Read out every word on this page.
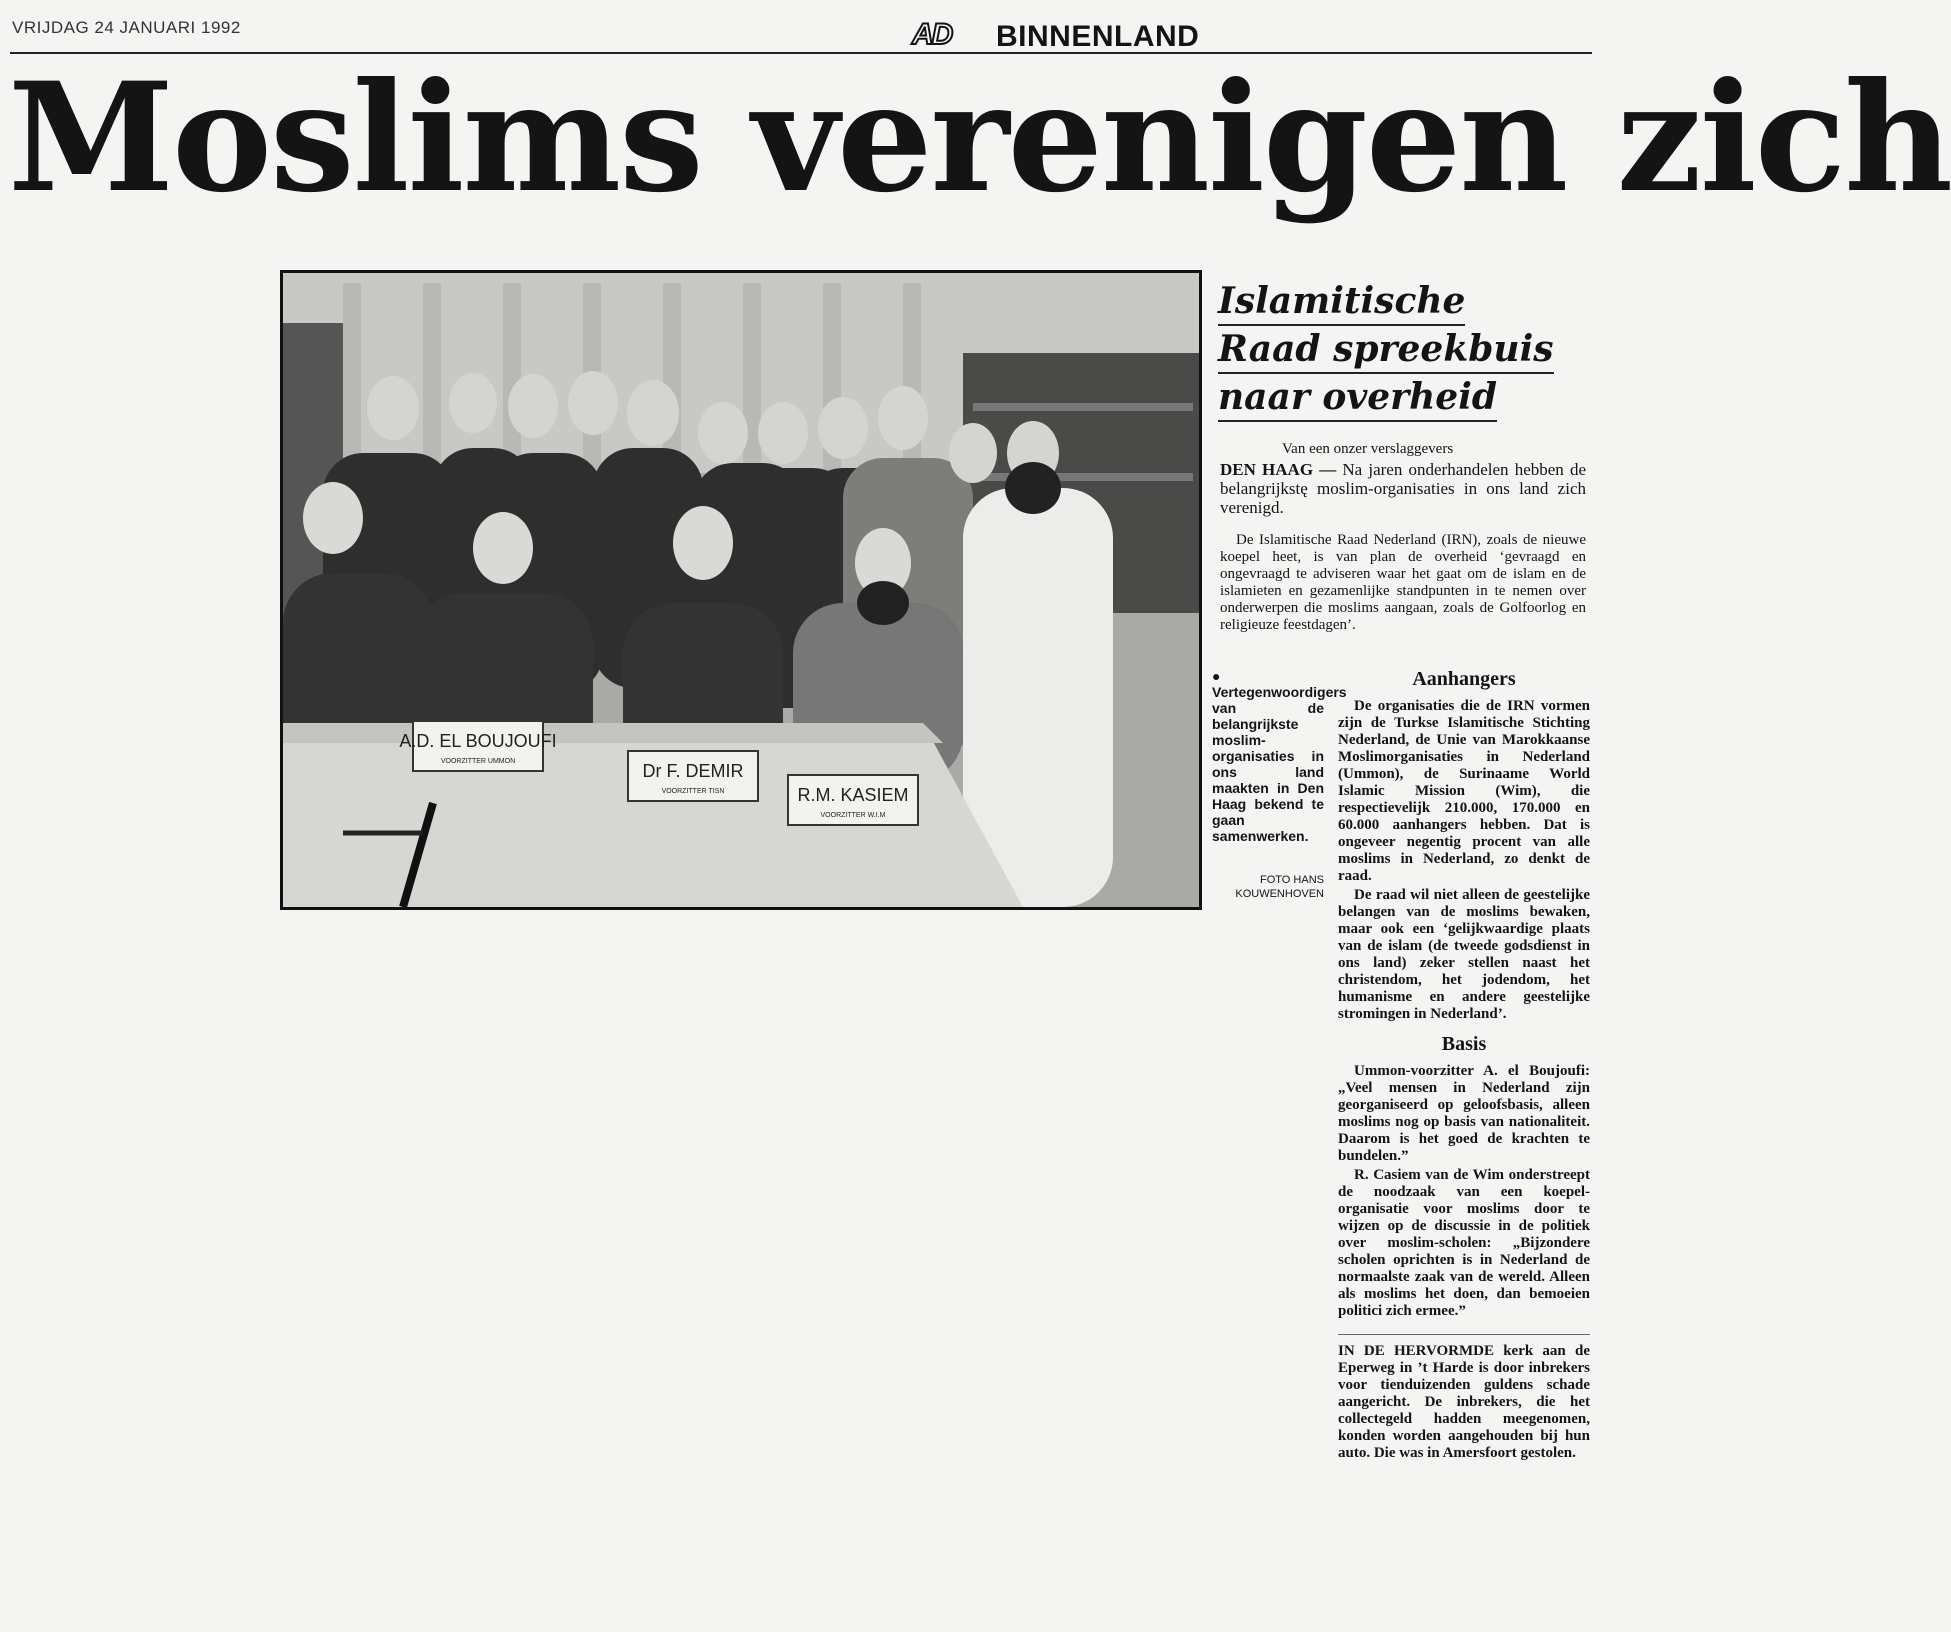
VRIJDAG 24 JANUARI 1992	AD BINNENLAND
Moslims verenigen zich
A.D. EL BOUJOUFI
VOORZITTER UMMON	Dr F. DEMIR
VOORZITTER TISN	R.M. KASIEM
VOORZITTER W.I.M
Islamitische
Raad spreekbuis
naar overheid
Van een onzer verslaggevers
DEN HAAG — Na jaren onderhandelen hebben de belangrijkstę moslim-organisaties in ons land zich verenigd.
De Islamitische Raad Nederland (IRN), zoals de nieuwe koepel heet, is van plan de overheid ‘gevraagd en ongevraagd te adviseren waar het gaat om de islam en de islamieten en gezamenlijke standpunten in te nemen over onderwerpen die moslims aangaan, zoals de Golfoorlog en religieuze feestdagen’.
● Vertegenwoordigers van de belangrijkste moslim-organisaties in ons land maakten in Den Haag bekend te gaan samenwerken.
FOTO HANS KOUWENHOVEN
Aanhangers

De organisaties die de IRN vormen zijn de Turkse Islamitische Stichting Nederland, de Unie van Marokkaanse Moslimorganisaties in Nederland (Ummon), de Surinaame World Islamic Mission (Wim), die respectievelijk 210.000, 170.000 en 60.000 aanhangers hebben. Dat is ongeveer negentig procent van alle moslims in Nederland, zo denkt de raad.

De raad wil niet alleen de geestelijke belangen van de moslims bewaken, maar ook een ‘gelijkwaardige plaats van de islam (de tweede godsdienst in ons land) zeker stellen naast het christendom, het jodendom, het humanisme en andere geestelijke stromingen in Nederland’.

Basis

Ummon-voorzitter A. el Boujoufi: „Veel mensen in Nederland zijn georganiseerd op geloofsbasis, alleen moslims nog op basis van nationaliteit. Daarom is het goed de krachten te bundelen.”

R. Casiem van de Wim onderstreept de noodzaak van een koepel-organisatie voor moslims door te wijzen op de discussie in de politiek over moslim-scholen: „Bijzondere scholen oprichten is in Nederland de normaalste zaak van de wereld. Alleen als moslims het doen, dan bemoeien politici zich ermee.”

IN DE HERVORMDE kerk aan de Eperweg in ’t Harde is door inbrekers voor tienduizenden guldens schade aangericht. De inbrekers, die het collectegeld hadden meegenomen, konden worden aangehouden bij hun auto. Die was in Amersfoort gestolen.
